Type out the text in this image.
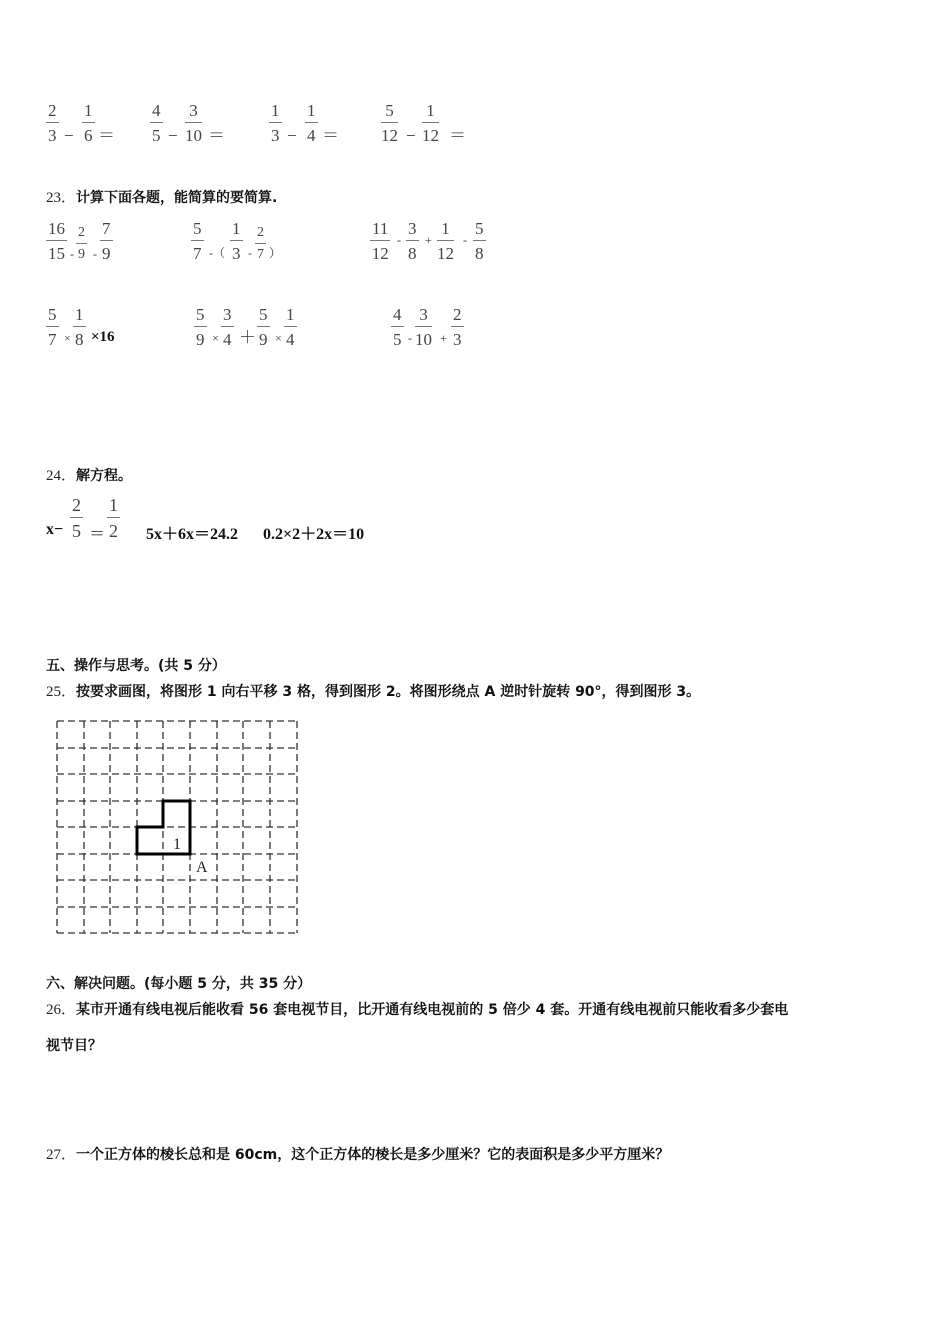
$\frac{2}{3} - \frac{1}{6} = \frac{4}{5} - \frac{3}{10}$ ＝	$\frac{1}{3} - \frac{1}{4} = \frac{5}{12} - \frac{1}{12}$ ＝
23．计算下面各题，能简算的要简算.
$\frac{16}{15} - \frac{2}{9} - \frac{7}{9}$	$\frac{5}{7}$ -（ $\frac{1}{3} - \frac{2}{7}$ ）	$\frac{11}{12} - \frac{3}{8} + \frac{1}{12} - \frac{5}{8}$
$\frac{5}{7} \times \frac{1}{8} \times 16$	$\frac{5}{9} \times \frac{3}{4} + \frac{5}{9} \times \frac{1}{4}$	$\frac{4}{5} - \frac{3}{10} + \frac{2}{3}$
24．解方程。
$x- \frac{2}{5} = \frac{1}{2} 5x+6x=24.2$ 0.2×2＋2x＝10
五、操作与思考。(共 5 分）
25．按要求画图，将图形 1 向右平移 3 格，得到图形 2。将图形绕点 A 逆时针旋转 90°，得到图形 3。
1
A
六、解决问题。(每小题 5 分，共 35 分）
26．某市开通有线电视后能收看 56 套电视节目，比开通有线电视前的 5 倍少 4 套。开通有线电视前只能收看多少套电
视节目？
27．一个正方体的棱长总和是 60cm，这个正方体的棱长是多少厘米？它的表面积是多少平方厘米？
